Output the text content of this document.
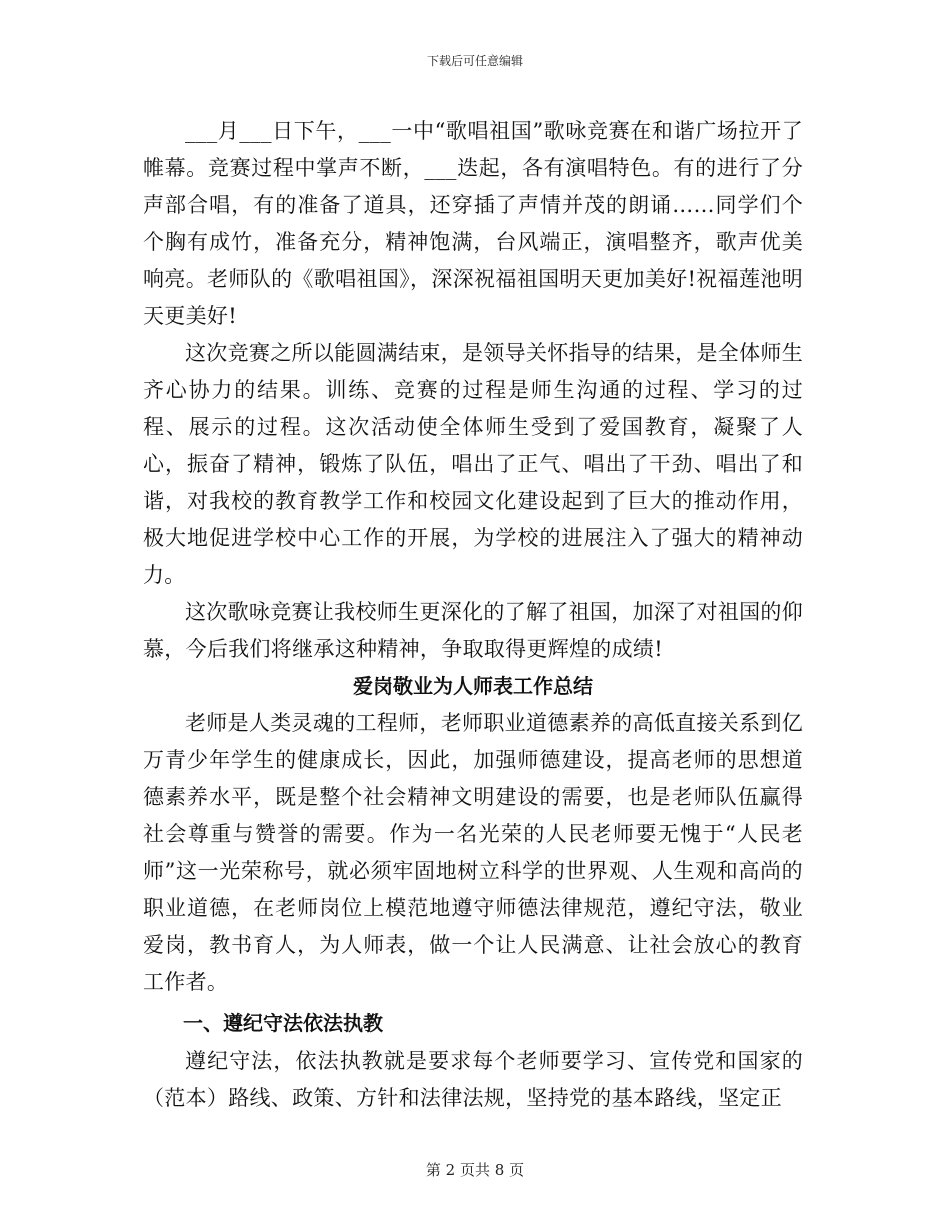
下载后可任意编辑

___月___日下午，___一中“歌唱祖国”歌咏竞赛在和谐广场拉开了帷幕。竞赛过程中掌声不断，___迭起，各有演唱特色。有的进行了分声部合唱，有的准备了道具，还穿插了声情并茂的朗诵……同学们个个胸有成竹，准备充分，精神饱满，台风端正，演唱整齐，歌声优美响亮。老师队的《歌唱祖国》，深深祝福祖国明天更加美好!祝福莲池明天更美好!

这次竞赛之所以能圆满结束，是领导关怀指导的结果，是全体师生齐心协力的结果。训练、竞赛的过程是师生沟通的过程、学习的过程、展示的过程。这次活动使全体师生受到了爱国教育，凝聚了人心，振奋了精神，锻炼了队伍，唱出了正气、唱出了干劲、唱出了和谐，对我校的教育教学工作和校园文化建设起到了巨大的推动作用，极大地促进学校中心工作的开展，为学校的进展注入了强大的精神动力。

这次歌咏竞赛让我校师生更深化的了解了祖国，加深了对祖国的仰慕，今后我们将继承这种精神，争取取得更辉煌的成绩!

爱岗敬业为人师表工作总结

老师是人类灵魂的工程师，老师职业道德素养的高低直接关系到亿万青少年学生的健康成长，因此，加强师德建设，提高老师的思想道德素养水平，既是整个社会精神文明建设的需要，也是老师队伍赢得社会尊重与赞誉的需要。作为一名光荣的人民老师要无愧于“人民老师”这一光荣称号，就必须牢固地树立科学的世界观、人生观和高尚的职业道德，在老师岗位上模范地遵守师德法律规范，遵纪守法，敬业爱岗，教书育人，为人师表，做一个让人民满意、让社会放心的教育工作者。

一、遵纪守法依法执教

遵纪守法，依法执教就是要求每个老师要学习、宣传党和国家的（范本）路线、政策、方针和法律法规，坚持党的基本路线，坚定正

第 2 页共 8 页
